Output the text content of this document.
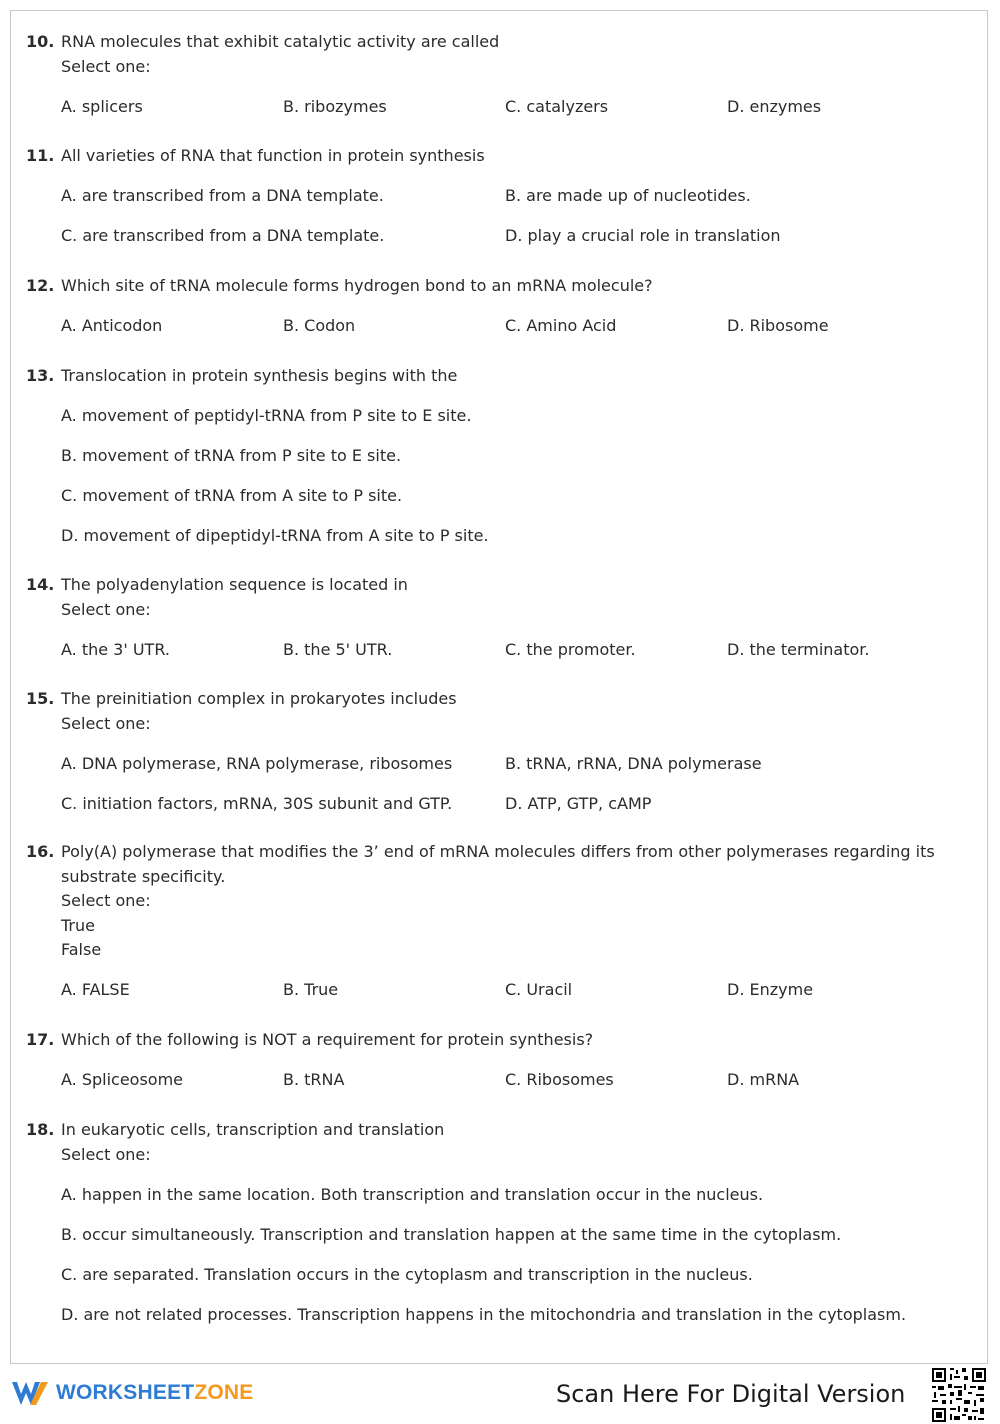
10. RNA molecules that exhibit catalytic activity are called
Select one:
A. splicers	B. ribozymes	C. catalyzers	D. enzymes
11. All varieties of RNA that function in protein synthesis
A. are transcribed from a DNA template.	B. are made up of nucleotides.
C. are transcribed from a DNA template.	D. play a crucial role in translation
12. Which site of tRNA molecule forms hydrogen bond to an mRNA molecule?
A. Anticodon	B. Codon	C. Amino Acid	D. Ribosome
13. Translocation in protein synthesis begins with the
A. movement of peptidyl-tRNA from P site to E site.
B. movement of tRNA from P site to E site.
C. movement of tRNA from A site to P site.
D. movement of dipeptidyl-tRNA from A site to P site.
14. The polyadenylation sequence is located in
Select one:
A. the 3' UTR.	B. the 5' UTR.	C. the promoter.	D. the terminator.
15. The preinitiation complex in prokaryotes includes
Select one:
A. DNA polymerase, RNA polymerase, ribosomes	B. tRNA, rRNA, DNA polymerase
C. initiation factors, mRNA, 30S subunit and GTP.	D. ATP, GTP, cAMP
16. Poly(A) polymerase that modifies the 3’ end of mRNA molecules differs from other polymerases regarding its substrate specificity.
Select one:
True
False
A. FALSE	B. True	C. Uracil	D. Enzyme
17. Which of the following is NOT a requirement for protein synthesis?
A. Spliceosome	B. tRNA	C. Ribosomes	D. mRNA
18. In eukaryotic cells, transcription and translation
Select one:
A. happen in the same location. Both transcription and translation occur in the nucleus.
B. occur simultaneously. Transcription and translation happen at the same time in the cytoplasm.
C. are separated. Translation occurs in the cytoplasm and transcription in the nucleus.
D. are not related processes. Transcription happens in the mitochondria and translation in the cytoplasm.
WORKSHEETZONE	Scan Here For Digital Version
